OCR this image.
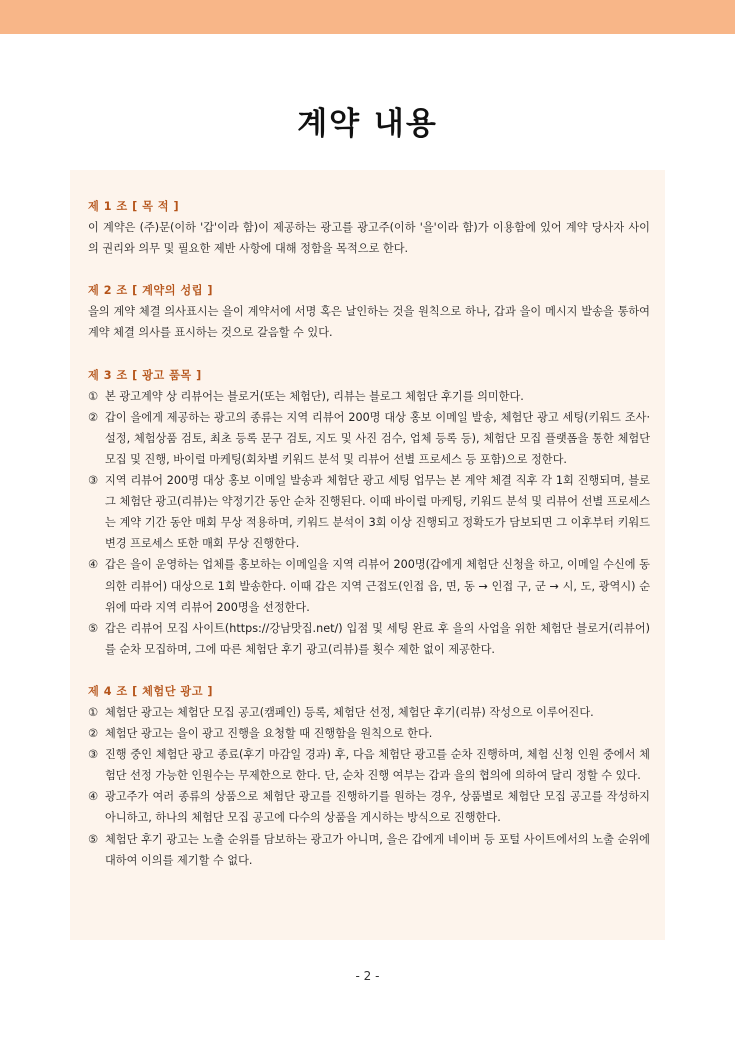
계약 내용

제 1 조 [ 목 적 ]

이 계약은 (주)문(이하 '갑'이라 함)이 제공하는 광고를 광고주(이하 '을'이라 함)가 이용함에 있어 계약 당사자 사이의 권리와 의무 및 필요한 제반 사항에 대해 정함을 목적으로 한다.

제 2 조 [ 계약의 성립 ]

을의 계약 체결 의사표시는 을이 계약서에 서명 혹은 날인하는 것을 원칙으로 하나, 갑과 을이 메시지 발송을 통하여 계약 체결 의사를 표시하는 것으로 갈음할 수 있다.

제 3 조 [ 광고 품목 ]

① 본 광고계약 상 리뷰어는 블로거(또는 체험단), 리뷰는 블로그 체험단 후기를 의미한다.
② 갑이 을에게 제공하는 광고의 종류는 지역 리뷰어 200명 대상 홍보 이메일 발송, 체험단 광고 세팅(키워드 조사·설정, 체험상품 검토, 최초 등록 문구 검토, 지도 및 사진 검수, 업체 등록 등), 체험단 모집 플랫폼을 통한 체험단 모집 및 진행, 바이럴 마케팅(회차별 키워드 분석 및 리뷰어 선별 프로세스 등 포함)으로 정한다.
③ 지역 리뷰어 200명 대상 홍보 이메일 발송과 체험단 광고 세팅 업무는 본 계약 체결 직후 각 1회 진행되며, 블로그 체험단 광고(리뷰)는 약정기간 동안 순차 진행된다. 이때 바이럴 마케팅, 키워드 분석 및 리뷰어 선별 프로세스는 계약 기간 동안 매회 무상 적용하며, 키워드 분석이 3회 이상 진행되고 정확도가 담보되면 그 이후부터 키워드 변경 프로세스 또한 매회 무상 진행한다.
④ 갑은 을이 운영하는 업체를 홍보하는 이메일을 지역 리뷰어 200명(갑에게 체험단 신청을 하고, 이메일 수신에 동의한 리뷰어) 대상으로 1회 발송한다. 이때 갑은 지역 근접도(인접 읍, 면, 동 → 인접 구, 군 → 시, 도, 광역시) 순위에 따라 지역 리뷰어 200명을 선정한다.
⑤ 갑은 리뷰어 모집 사이트(https://강남맛집.net/) 입점 및 세팅 완료 후 을의 사업을 위한 체험단 블로거(리뷰어)를 순차 모집하며, 그에 따른 체험단 후기 광고(리뷰)를 횟수 제한 없이 제공한다.

제 4 조 [ 체험단 광고 ]

① 체험단 광고는 체험단 모집 공고(캠페인) 등록, 체험단 선정, 체험단 후기(리뷰) 작성으로 이루어진다.
② 체험단 광고는 을이 광고 진행을 요청할 때 진행함을 원칙으로 한다.
③ 진행 중인 체험단 광고 종료(후기 마감일 경과) 후, 다음 체험단 광고를 순차 진행하며, 체험 신청 인원 중에서 체험단 선정 가능한 인원수는 무제한으로 한다. 단, 순차 진행 여부는 갑과 을의 협의에 의하여 달리 정할 수 있다.
④ 광고주가 여러 종류의 상품으로 체험단 광고를 진행하기를 원하는 경우, 상품별로 체험단 모집 공고를 작성하지 아니하고, 하나의 체험단 모집 공고에 다수의 상품을 게시하는 방식으로 진행한다.
⑤ 체험단 후기 광고는 노출 순위를 담보하는 광고가 아니며, 을은 갑에게 네이버 등 포털 사이트에서의 노출 순위에 대하여 이의를 제기할 수 없다.
- 2 -
